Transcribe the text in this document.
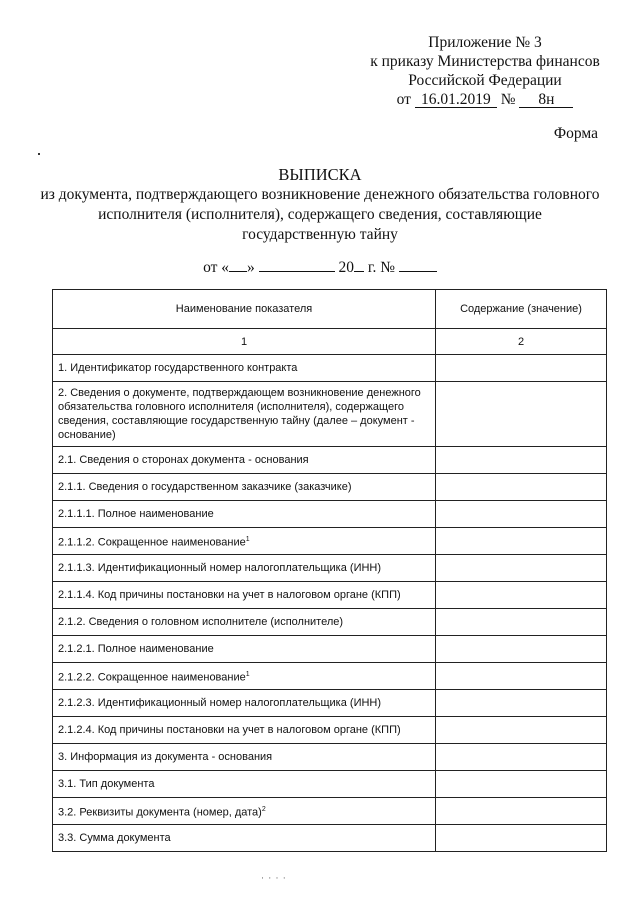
Приложение № 3
к приказу Министерства финансов
Российской Федерации
от 16.01.2019 № 8н
Форма
ВЫПИСКА
из документа, подтверждающего возникновение денежного обязательства головного исполнителя (исполнителя), содержащего сведения, составляющие государственную тайну
от « »	20 г. №
Наименование показателя	Содержание (значение)
1	2
1. Идентификатор государственного контракта	
2. Сведения о документе, подтверждающем возникновение денежного обязательства головного исполнителя (исполнителя), содержащего сведения, составляющие государственную тайну (далее – документ - основание)	
2.1. Сведения о сторонах документа - основания	
2.1.1. Сведения о государственном заказчике (заказчике)	
2.1.1.1. Полное наименование	
2.1.1.2. Сокращенное наименование$^1$	
2.1.1.3. Идентификационный номер налогоплательщика (ИНН)	
2.1.1.4. Код причины постановки на учет в налоговом органе (КПП)	
2.1.2. Сведения о головном исполнителе (исполнителе)	
2.1.2.1. Полное наименование	
2.1.2.2. Сокращенное наименование$^1$	
2.1.2.3. Идентификационный номер налогоплательщика (ИНН)	
2.1.2.4. Код причины постановки на учет в налоговом органе (КПП)	
3. Информация из документа - основания	
3.1. Тип документа	
3.2. Реквизиты документа (номер, дата)$^2$	
3.3. Сумма документа	
· · · ·
